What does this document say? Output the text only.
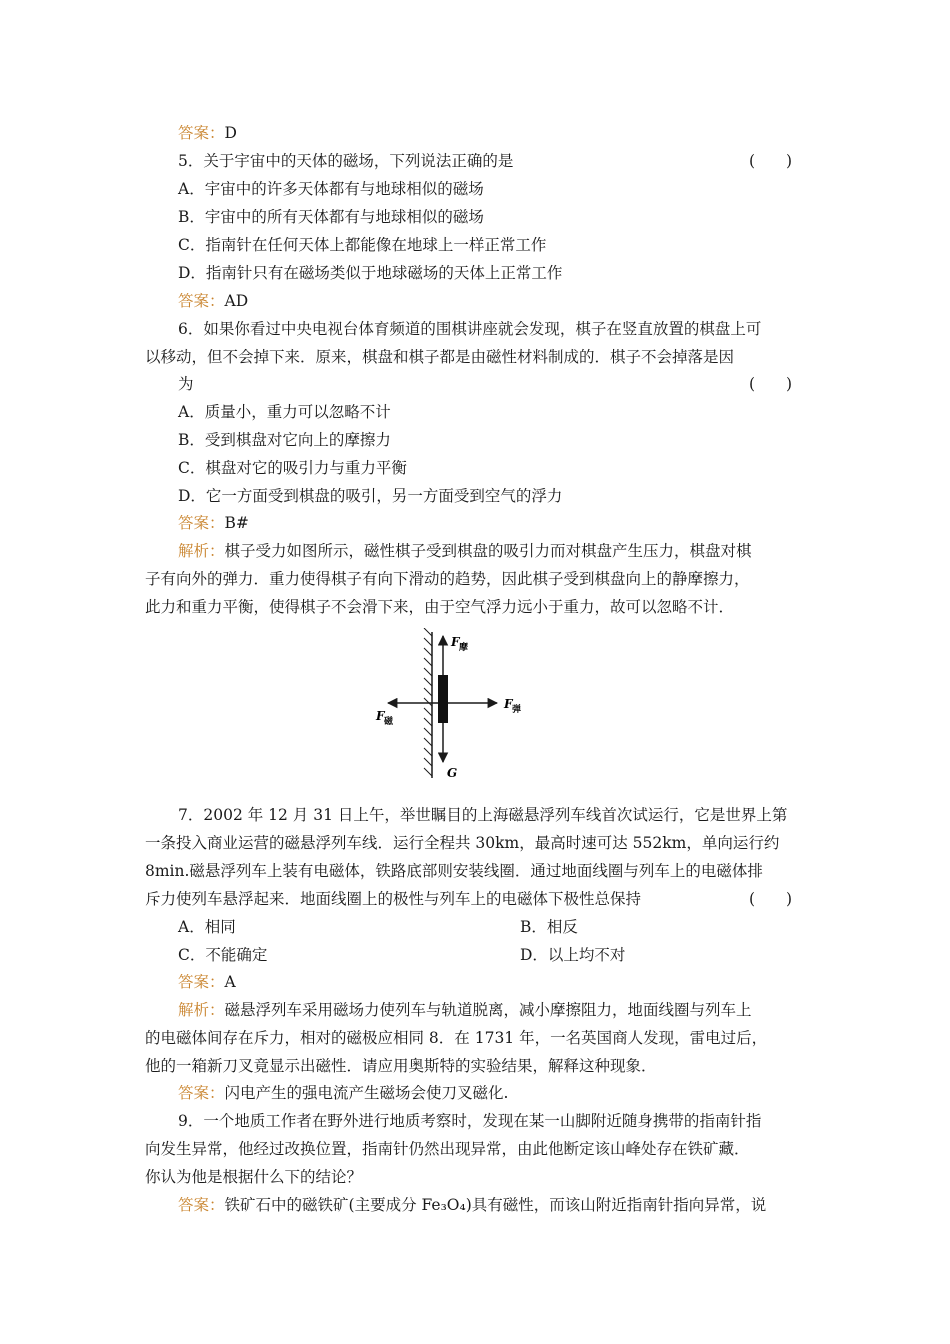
答案：D
5．关于宇宙中的天体的磁场，下列说法正确的是	(　　)
A．宇宙中的许多天体都有与地球相似的磁场
B．宇宙中的所有天体都有与地球相似的磁场
C．指南针在任何天体上都能像在地球上一样正常工作
D．指南针只有在磁场类似于地球磁场的天体上正常工作
答案：AD
6．如果你看过中央电视台体育频道的围棋讲座就会发现，棋子在竖直放置的棋盘上可
以移动，但不会掉下来．原来，棋盘和棋子都是由磁性材料制成的．棋子不会掉落是因
为	(　　)
A．质量小，重力可以忽略不计
B．受到棋盘对它向上的摩擦力
C．棋盘对它的吸引力与重力平衡
D．它一方面受到棋盘的吸引，另一方面受到空气的浮力
答案：B#
解析：棋子受力如图所示，磁性棋子受到棋盘的吸引力而对棋盘产生压力，棋盘对棋
子有向外的弹力．重力使得棋子有向下滑动的趋势，因此棋子受到棋盘向上的静摩擦力，
此力和重力平衡，使得棋子不会滑下来，由于空气浮力远小于重力，故可以忽略不计．
F 摩
F 弹
F 磁
G
7．2002 年 12 月 31 日上午，举世瞩目的上海磁悬浮列车线首次试运行，它是世界上第
一条投入商业运营的磁悬浮列车线．运行全程共 30km，最高时速可达 552km，单向运行约
8min.磁悬浮列车上装有电磁体，铁路底部则安装线圈．通过地面线圈与列车上的电磁体排
斥力使列车悬浮起来．地面线圈上的极性与列车上的电磁体下极性总保持	(　　)
A．相同	B．相反
C．不能确定	D．以上均不对
答案：A
解析：磁悬浮列车采用磁场力使列车与轨道脱离，减小摩擦阻力，地面线圈与列车上
的电磁体间存在斥力，相对的磁极应相同 8．在 1731 年，一名英国商人发现，雷电过后，
他的一箱新刀叉竟显示出磁性．请应用奥斯特的实验结果，解释这种现象．
答案：闪电产生的强电流产生磁场会使刀叉磁化.
9．一个地质工作者在野外进行地质考察时，发现在某一山脚附近随身携带的指南针指
向发生异常，他经过改换位置，指南针仍然出现异常，由此他断定该山峰处存在铁矿藏．
你认为他是根据什么下的结论？
答案：铁矿石中的磁铁矿(主要成分 Fe₃O₄)具有磁性，而该山附近指南针指向异常，说
